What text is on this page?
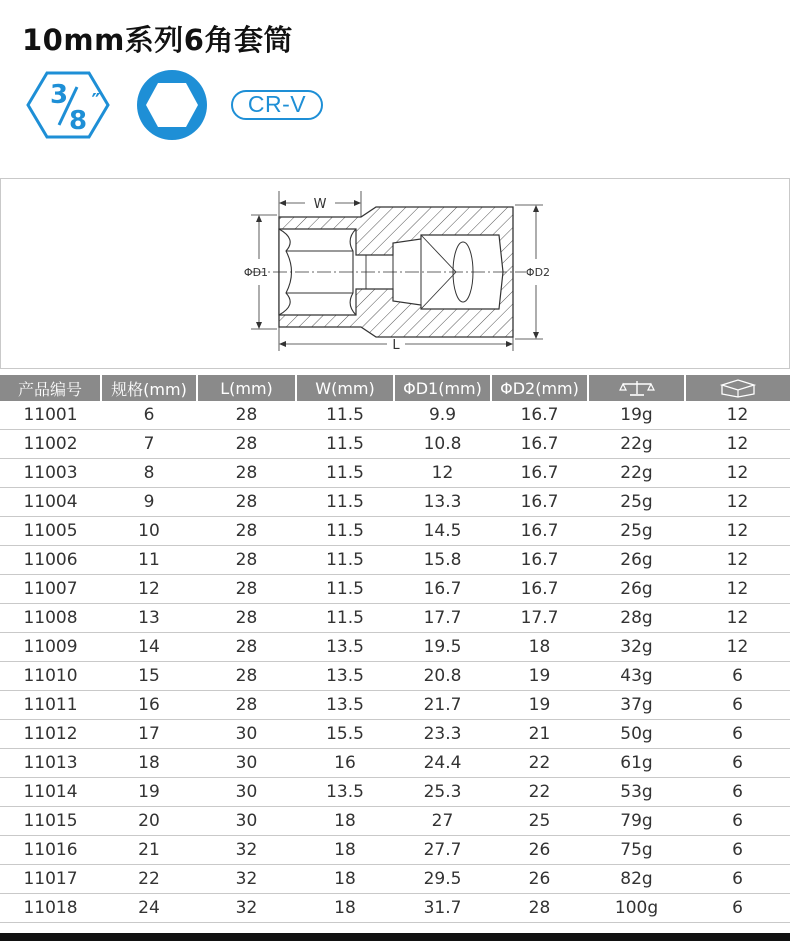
10mm系列6角套筒
3
8
″	CR-V
W
L
ΦD1	ΦD2
产品编号	规格(mm)	L(mm)	W(mm)	ΦD1(mm)	ΦD2(mm)		
11001	6	28	11.5	9.9	16.7	19g	12
11002	7	28	11.5	10.8	16.7	22g	12
11003	8	28	11.5	12	16.7	22g	12
11004	9	28	11.5	13.3	16.7	25g	12
11005	10	28	11.5	14.5	16.7	25g	12
11006	11	28	11.5	15.8	16.7	26g	12
11007	12	28	11.5	16.7	16.7	26g	12
11008	13	28	11.5	17.7	17.7	28g	12
11009	14	28	13.5	19.5	18	32g	12
11010	15	28	13.5	20.8	19	43g	6
11011	16	28	13.5	21.7	19	37g	6
11012	17	30	15.5	23.3	21	50g	6
11013	18	30	16	24.4	22	61g	6
11014	19	30	13.5	25.3	22	53g	6
11015	20	30	18	27	25	79g	6
11016	21	32	18	27.7	26	75g	6
11017	22	32	18	29.5	26	82g	6
11018	24	32	18	31.7	28	100g	6
